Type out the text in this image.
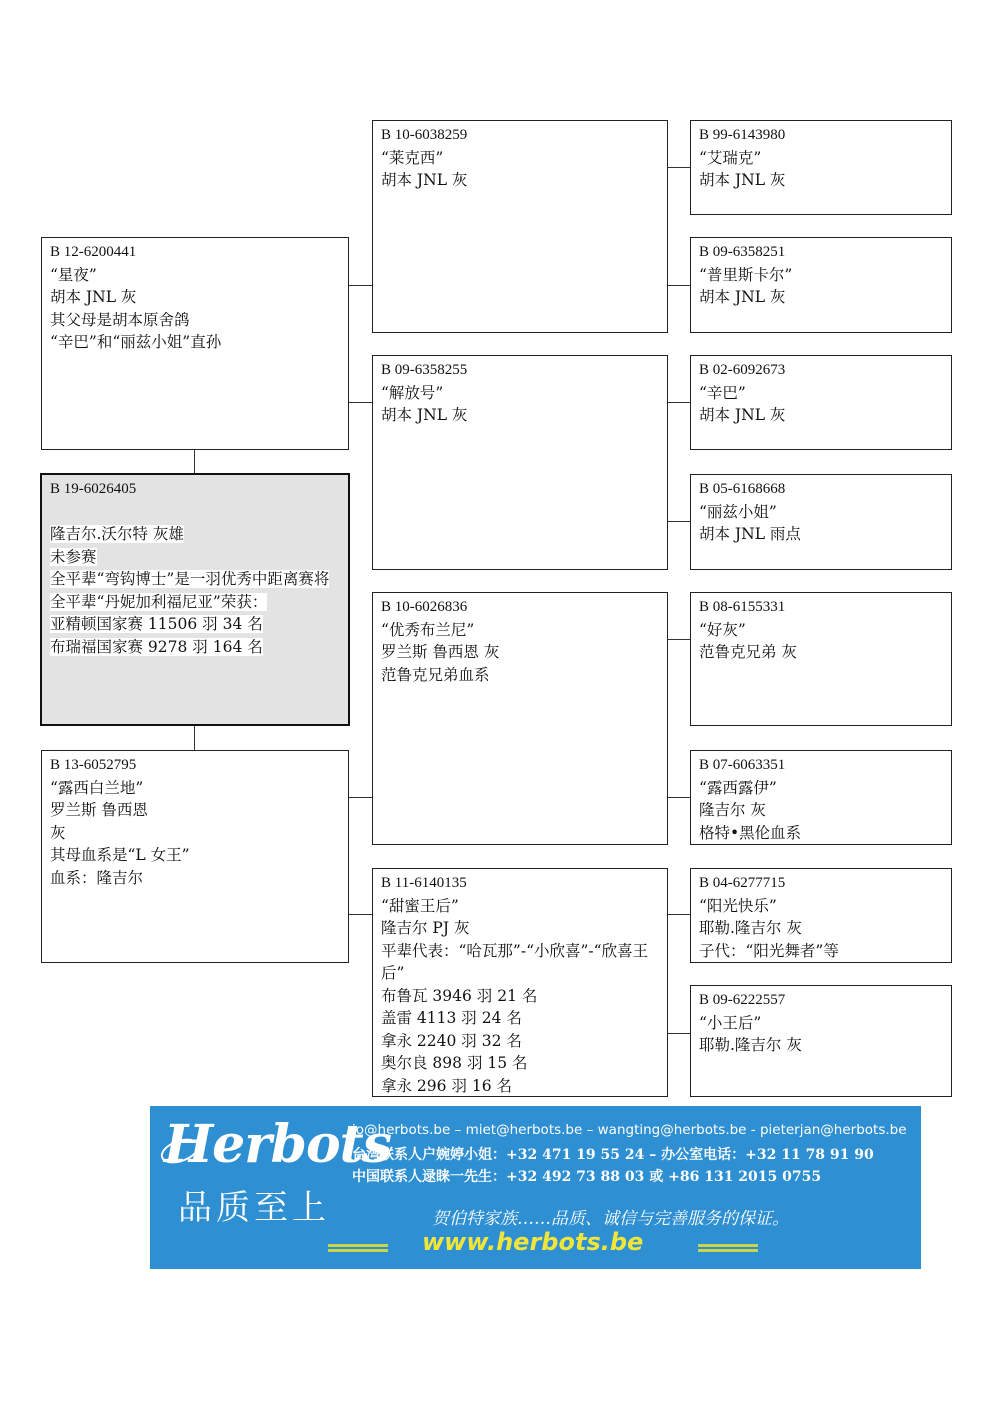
B 12-6200441
“星夜”
胡本 JNL 灰
其父母是胡本原舍鸽
“辛巴”和“丽兹小姐”直孙
B 19-6026405

隆吉尔.沃尔特 灰雄
未参赛
全平辈“弯钩博士”是一羽优秀中距离赛将
全平辈“丹妮加利福尼亚”荣获：
亚精顿国家赛 11506 羽 34 名
布瑞福国家赛 9278 羽 164 名
B 13-6052795
“露西白兰地”
罗兰斯 鲁西恩
灰
其母血系是“L 女王”
血系：隆吉尔
B 10-6038259
“莱克西”
胡本 JNL 灰
B 09-6358255
“解放号”
胡本 JNL 灰
B 10-6026836
“优秀布兰尼”
罗兰斯 鲁西恩 灰
范鲁克兄弟血系
B 11-6140135
“甜蜜王后”
隆吉尔 PJ 灰
平辈代表：“哈瓦那”-“小欣喜”-“欣喜王后”
布鲁瓦 3946 羽 21 名
盖雷 4113 羽 24 名
拿永 2240 羽 32 名
奥尔良 898 羽 15 名
拿永 296 羽 16 名
B 99-6143980
“艾瑞克”
胡本 JNL 灰
B 09-6358251
“普里斯卡尔”
胡本 JNL 灰
B 02-6092673
“辛巴”
胡本 JNL 灰
B 05-6168668
“丽兹小姐”
胡本 JNL 雨点
B 08-6155331
“好灰”
范鲁克兄弟 灰
B 07-6063351
“露西露伊”
隆吉尔 灰
格特•黑伦血系
B 04-6277715
“阳光快乐”
耶勒.隆吉尔 灰
子代：“阳光舞者”等
B 09-6222557
“小王后”
耶勒.隆吉尔 灰
Herbots
品质至上
jo@herbots.be – miet@herbots.be – wangting@herbots.be - pieterjan@herbots.be
台湾联系人户婉婷小姐：+32 471 19 55 24 – 办公室电话：+32 11 78 91 90
中国联系人逯睐一先生：+32 492 73 88 03 或 +86 131 2015 0755
贺伯特家族……品质、诚信与完善服务的保证。
www.herbots.be
